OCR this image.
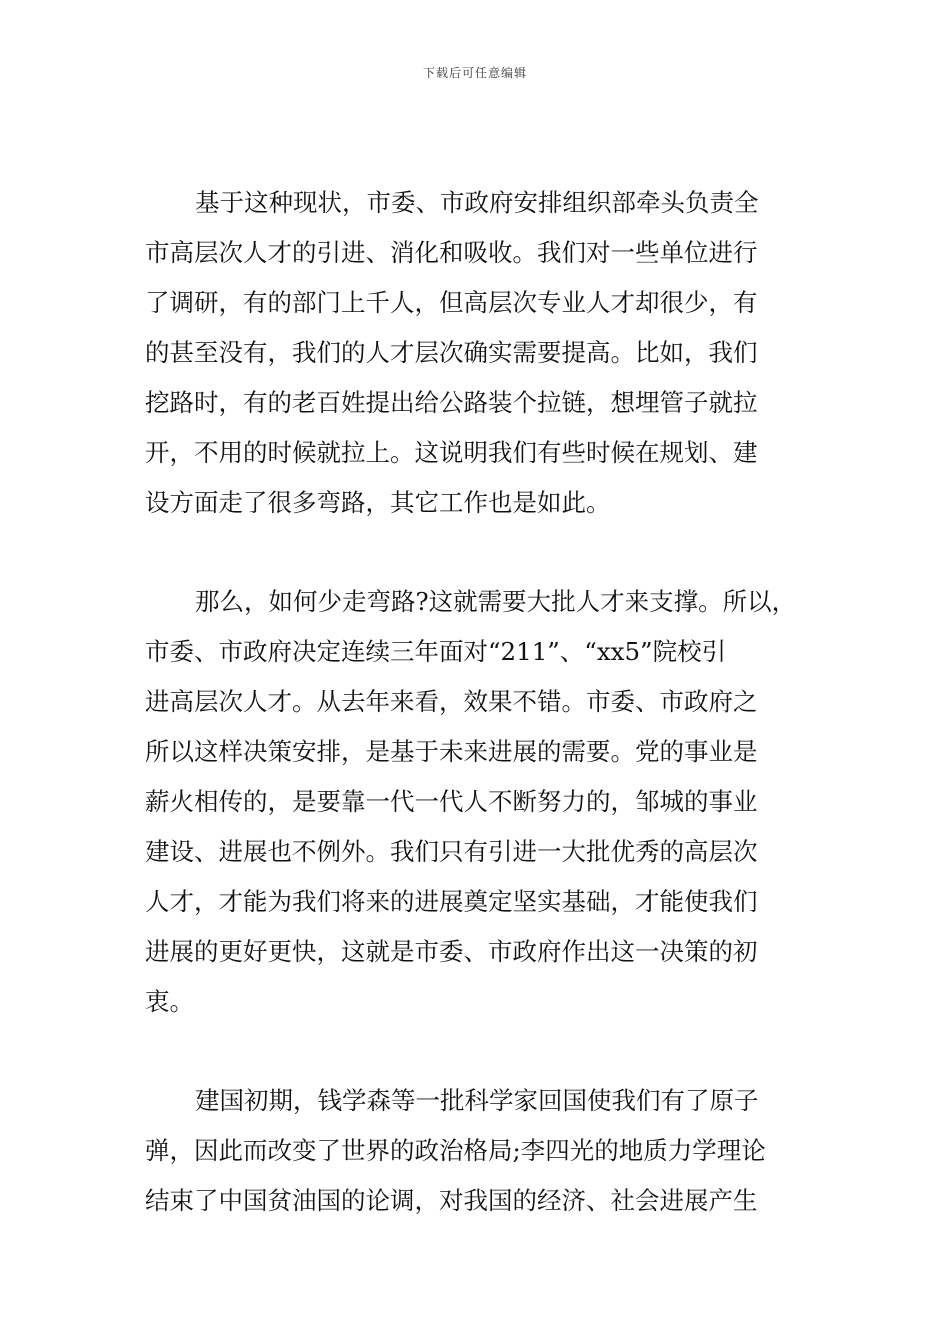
下载后可任意编辑
基于这种现状，市委、市政府安排组织部牵头负责全
市高层次人才的引进、消化和吸收。我们对一些单位进行
了调研，有的部门上千人，但高层次专业人才却很少，有
的甚至没有，我们的人才层次确实需要提高。比如，我们
挖路时，有的老百姓提出给公路装个拉链，想埋管子就拉
开，不用的时候就拉上。这说明我们有些时候在规划、建
设方面走了很多弯路，其它工作也是如此。
那么，如何少走弯路?这就需要大批人才来支撑。所以，
市委、市政府决定连续三年面对“211”、“xx5”院校引
进高层次人才。从去年来看，效果不错。市委、市政府之
所以这样决策安排，是基于未来进展的需要。党的事业是
薪火相传的，是要靠一代一代人不断努力的，邹城的事业
建设、进展也不例外。我们只有引进一大批优秀的高层次
人才，才能为我们将来的进展奠定坚实基础，才能使我们
进展的更好更快，这就是市委、市政府作出这一决策的初
衷。
建国初期，钱学森等一批科学家回国使我们有了原子
弹，因此而改变了世界的政治格局;李四光的地质力学理论
结束了中国贫油国的论调，对我国的经济、社会进展产生
